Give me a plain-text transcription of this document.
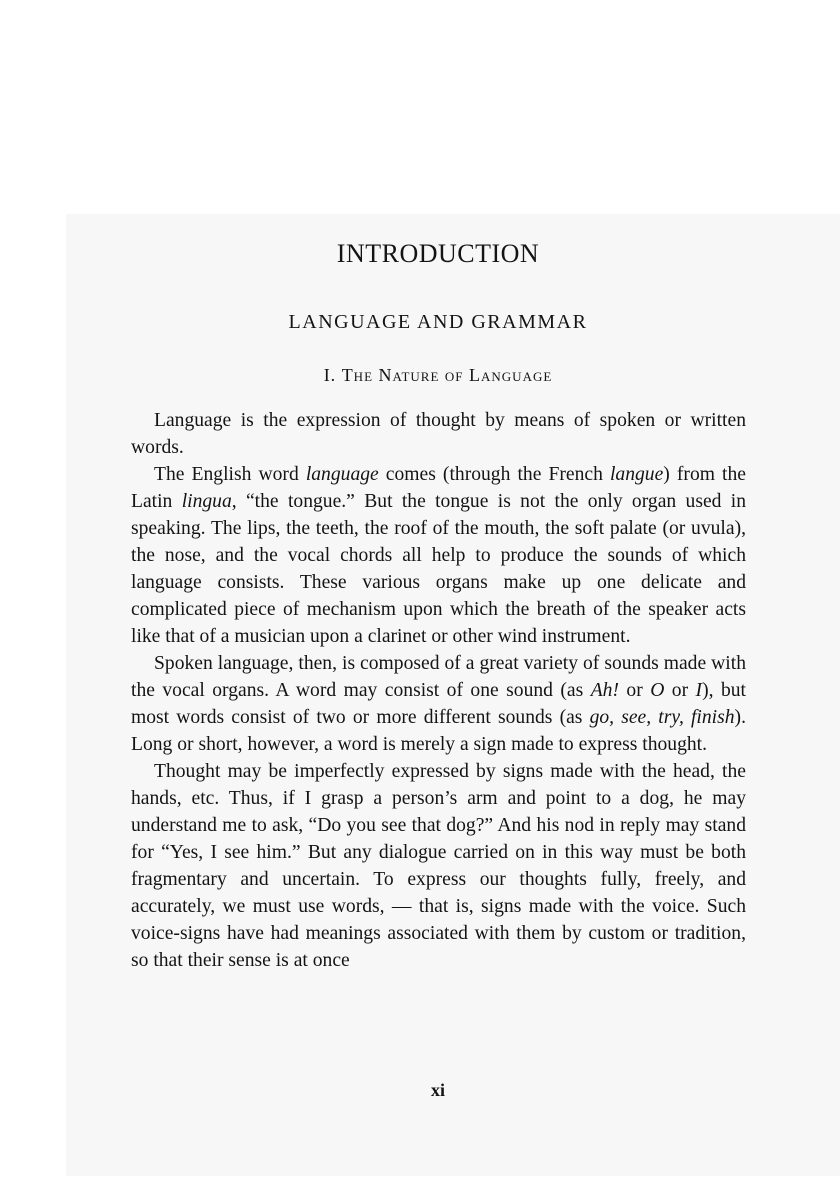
INTRODUCTION
LANGUAGE AND GRAMMAR
I. The Nature of Language

Language is the expression of thought by means of spoken or written words.

The English word language comes (through the French langue) from the Latin lingua, “the tongue.” But the tongue is not the only organ used in speaking. The lips, the teeth, the roof of the mouth, the soft palate (or uvula), the nose, and the vocal chords all help to produce the sounds of which language consists. These various organs make up one delicate and complicated piece of mechanism upon which the breath of the speaker acts like that of a musician upon a clarinet or other wind instrument.

Spoken language, then, is composed of a great variety of sounds made with the vocal organs. A word may consist of one sound (as Ah! or O or I), but most words consist of two or more different sounds (as go, see, try, finish). Long or short, however, a word is merely a sign made to express thought.

Thought may be imperfectly expressed by signs made with the head, the hands, etc. Thus, if I grasp a person’s arm and point to a dog, he may understand me to ask, “Do you see that dog?” And his nod in reply may stand for “Yes, I see him.” But any dialogue carried on in this way must be both fragmentary and uncertain. To express our thoughts fully, freely, and accurately, we must use words, — that is, signs made with the voice. Such voice-signs have had meanings associated with them by custom or tradition, so that their sense is at once

xi
